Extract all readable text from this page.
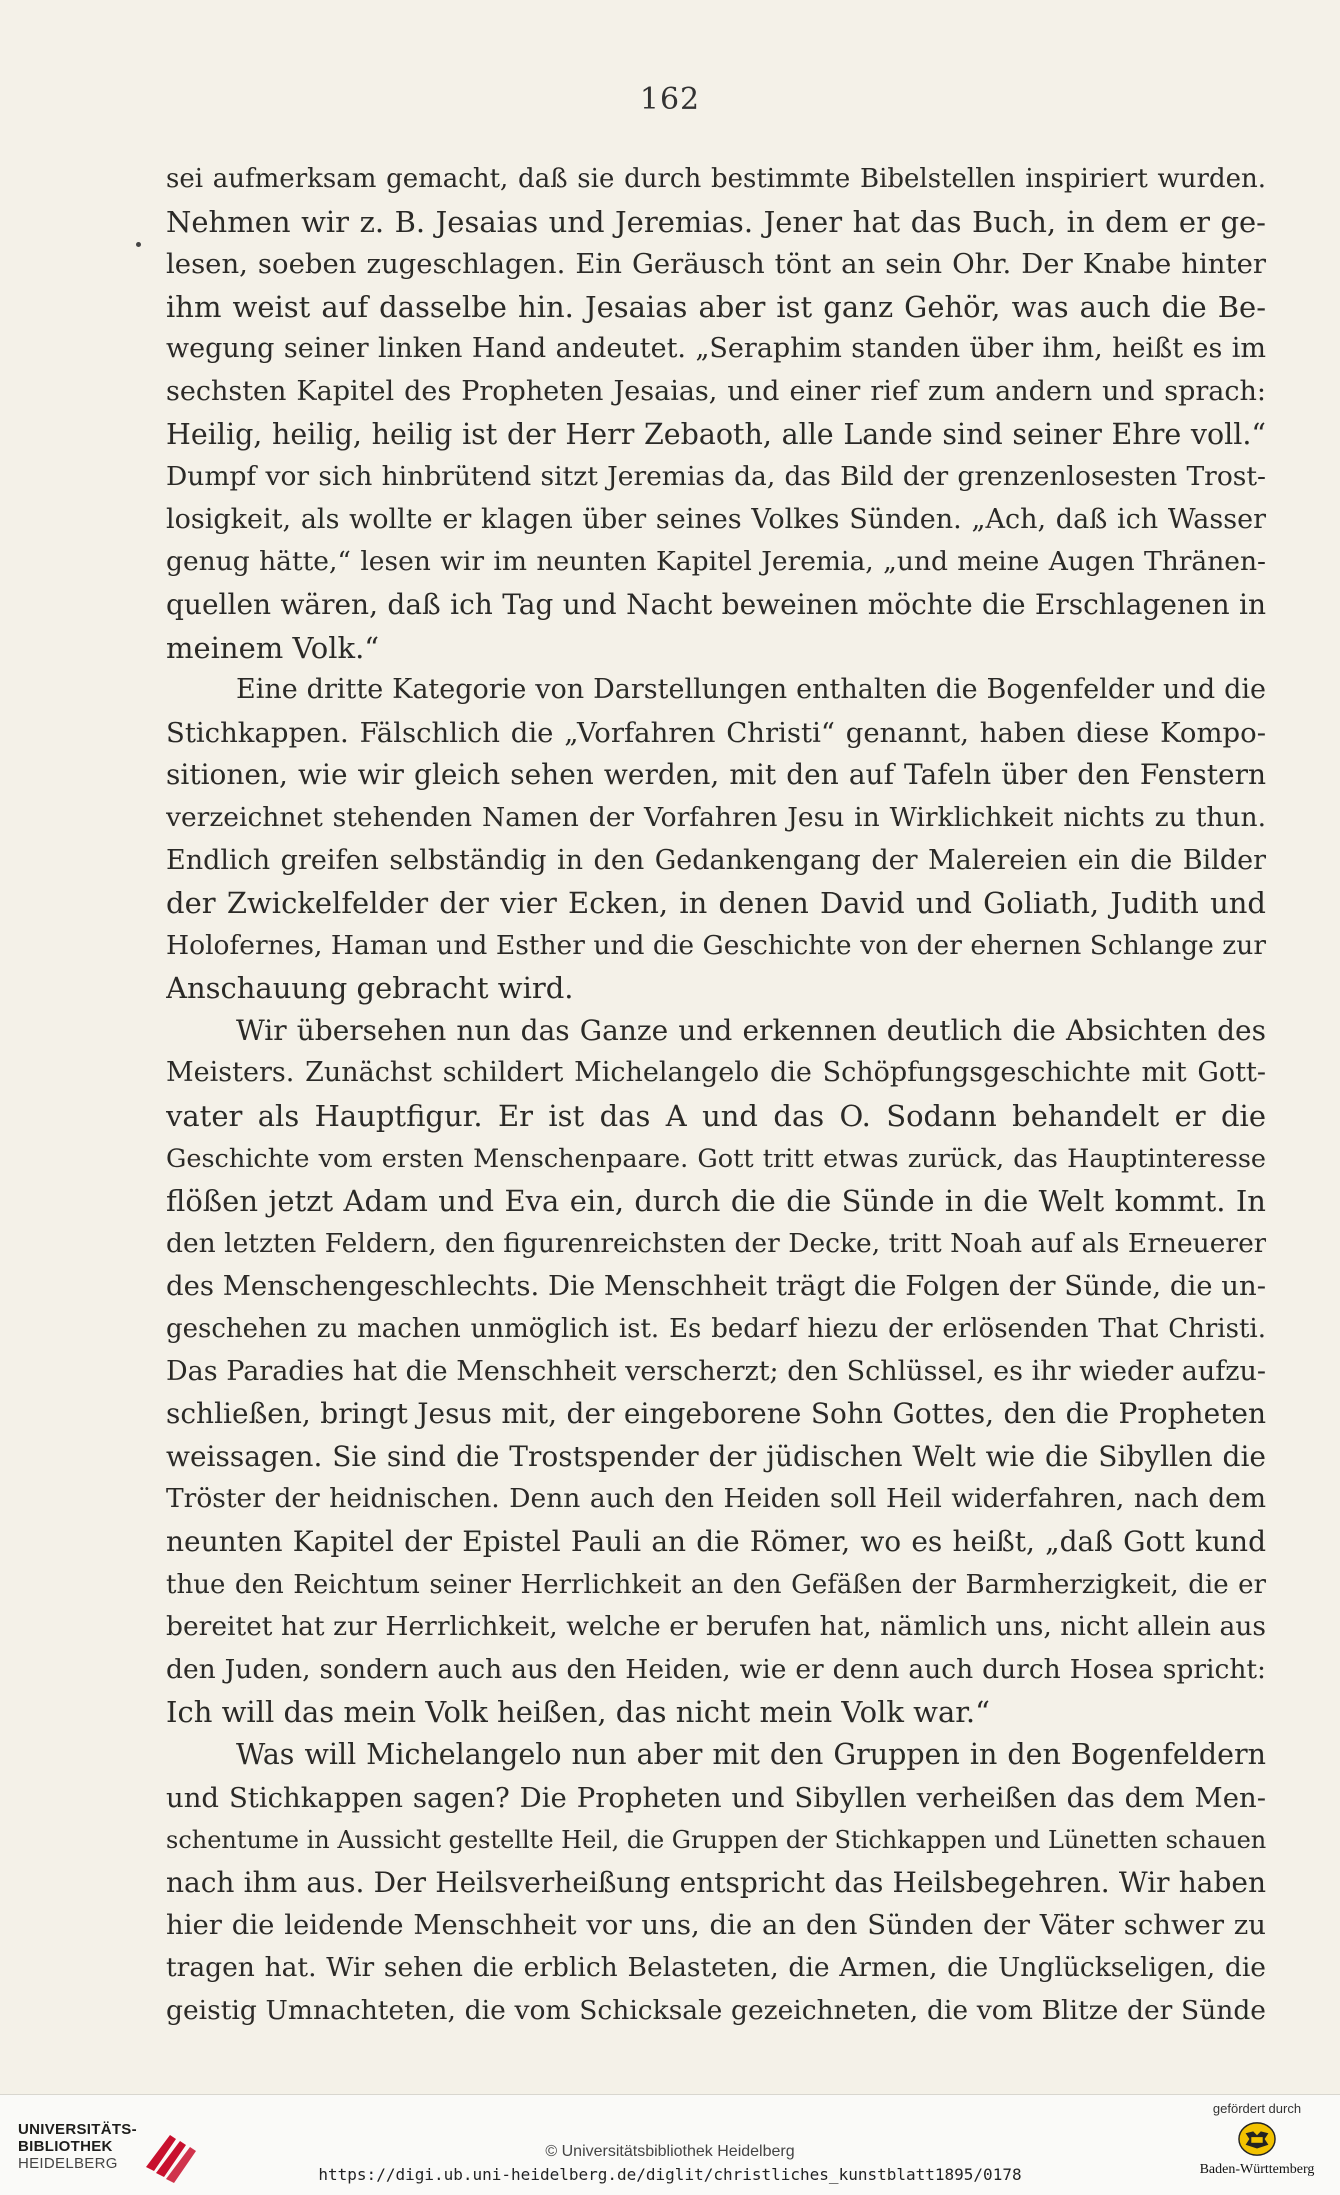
162
sei aufmerksam gemacht, daß sie durch bestimmte Bibelstellen inspiriert wurden.
Nehmen wir z. B. Jesaias und Jeremias. Jener hat das Buch, in dem er ge-
lesen, soeben zugeschlagen. Ein Geräusch tönt an sein Ohr. Der Knabe hinter
ihm weist auf dasselbe hin. Jesaias aber ist ganz Gehör, was auch die Be-
wegung seiner linken Hand andeutet. „Seraphim standen über ihm, heißt es im
sechsten Kapitel des Propheten Jesaias, und einer rief zum andern und sprach:
Heilig, heilig, heilig ist der Herr Zebaoth, alle Lande sind seiner Ehre voll.“
Dumpf vor sich hinbrütend sitzt Jeremias da, das Bild der grenzenlosesten Trost-
losigkeit, als wollte er klagen über seines Volkes Sünden. „Ach, daß ich Wasser
genug hätte,“ lesen wir im neunten Kapitel Jeremia, „und meine Augen Thränen-
quellen wären, daß ich Tag und Nacht beweinen möchte die Erschlagenen in
meinem Volk.“
Eine dritte Kategorie von Darstellungen enthalten die Bogenfelder und die
Stichkappen. Fälschlich die „Vorfahren Christi“ genannt, haben diese Kompo-
sitionen, wie wir gleich sehen werden, mit den auf Tafeln über den Fenstern
verzeichnet stehenden Namen der Vorfahren Jesu in Wirklichkeit nichts zu thun.
Endlich greifen selbständig in den Gedankengang der Malereien ein die Bilder
der Zwickelfelder der vier Ecken, in denen David und Goliath, Judith und
Holofernes, Haman und Esther und die Geschichte von der ehernen Schlange zur
Anschauung gebracht wird.
Wir übersehen nun das Ganze und erkennen deutlich die Absichten des
Meisters. Zunächst schildert Michelangelo die Schöpfungsgeschichte mit Gott-
vater als Hauptfigur. Er ist das A und das O. Sodann behandelt er die
Geschichte vom ersten Menschenpaare. Gott tritt etwas zurück, das Hauptinteresse
flößen jetzt Adam und Eva ein, durch die die Sünde in die Welt kommt. In
den letzten Feldern, den figurenreichsten der Decke, tritt Noah auf als Erneuerer
des Menschengeschlechts. Die Menschheit trägt die Folgen der Sünde, die un-
geschehen zu machen unmöglich ist. Es bedarf hiezu der erlösenden That Christi.
Das Paradies hat die Menschheit verscherzt; den Schlüssel, es ihr wieder aufzu-
schließen, bringt Jesus mit, der eingeborene Sohn Gottes, den die Propheten
weissagen. Sie sind die Trostspender der jüdischen Welt wie die Sibyllen die
Tröster der heidnischen. Denn auch den Heiden soll Heil widerfahren, nach dem
neunten Kapitel der Epistel Pauli an die Römer, wo es heißt, „daß Gott kund
thue den Reichtum seiner Herrlichkeit an den Gefäßen der Barmherzigkeit, die er
bereitet hat zur Herrlichkeit, welche er berufen hat, nämlich uns, nicht allein aus
den Juden, sondern auch aus den Heiden, wie er denn auch durch Hosea spricht:
Ich will das mein Volk heißen, das nicht mein Volk war.“
Was will Michelangelo nun aber mit den Gruppen in den Bogenfeldern
und Stichkappen sagen? Die Propheten und Sibyllen verheißen das dem Men-
schentume in Aussicht gestellte Heil, die Gruppen der Stichkappen und Lünetten schauen
nach ihm aus. Der Heilsverheißung entspricht das Heilsbegehren. Wir haben
hier die leidende Menschheit vor uns, die an den Sünden der Väter schwer zu
tragen hat. Wir sehen die erblich Belasteten, die Armen, die Unglückseligen, die
geistig Umnachteten, die vom Schicksale gezeichneten, die vom Blitze der Sünde
UNIVERSITÄTS-
BIBLIOTHEK
HEIDELBERG
© Universitätsbibliothek Heidelberg
https://digi.ub.uni-heidelberg.de/diglit/christliches_kunstblatt1895/0178
gefördert durch
Baden-Württemberg
